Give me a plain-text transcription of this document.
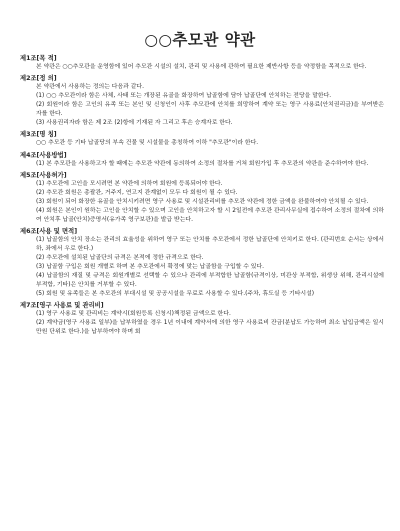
○○추모관 약관

제1조[목 적]

본 약관은 ○○추모관을 운영함에 있어 추모관 시설의 설치, 관리 및 사용에 관하여 필요한 제반사항 등을 약정함을 목적으로 한다.

제2조[정 의]

본 약관에서 사용하는 정의는 다음과 같다.

(1) ○○ 추모관이라 함은 사체, 사태 또는 개장된 유골을 화장하여 납골함에 담아 납골단에 안치하는 전당을 말한다.

(2) 회원이라 함은 고인의 유족 또는 본인 및 신청인이 사후 추모관에 안치를 희망하여 계약 또는 영구 사용료(안치권리금)을 부여받은 자를 한다.

(3) 사용권리자라 함은 제 2조 (2)항에 기재된 자 그리고 후손 승계자로 한다.

제3조[명 칭]

○○ 추모관 등 기타 납골당의 부속 건물 및 시설물을 총칭하여 이하 "추모관"이라 한다.

제4조[사용방법]

(1) 본 추모관을 사용하고자 할 때에는 추모관 약관에 동의하여 소정의 절차를 거쳐 회원가입 후 추모관의 약관을 준수하여야 한다.

제5조[사용허가]

(1) 추모관에 고인을 모시려면 본 약관에 의하여 회원에 등록되어야 한다.

(2) 추모관 회원은 총괄관, 거주지, 연고지 관계없이 모두 다 회원이 될 수 있다.

(3) 회원이 되어 화장한 유골을 안치시키려면 영구 사용료 및 시설관리비를 추모관 약관에 정한 금액을 완불하여야 안치될 수 있다.

(4) 회원은 본인이 원하는 고인을 안치할 수 있으며 고인을 안치하고자 할 시 2일전에 추모관 관리사무실에 접수하여 소정의 절차에 의하여 안치후 납골(안치)증명서(유가족 영구보관)을 발급 받는다.

제6조[사용 및 면적]

(1) 납골함의 안치 장소는 관리의 효율성을 위하여 영구 또는 안치를 추모관에서 정한 납골단에 안치키로 한다. (관리번호 순서는 상에서 하, 좌에서 우로 한다.)

(2) 추모관에 설치된 납골단의 규격은 본적에 정한 규격으로 한다.

(3) 납골함 구입은 회원 개별로 하며 본 추모관에서 확정에 맞는 납골함을 구입할 수 있다.

(4) 납골함의 재질 및 규격은 회원개별로 선택할 수 있으나 관리에 부적합한 납골함(규격이상, 미관상 부적합, 위생상 위해, 관리시설에 부적합, 기타)은 안치를 거부할 수 있다.

(5) 회원 및 유족들은 본 추모관의 부대시설 및 공공시설을 무료로 사용할 수 있다.(주차, 휴도실 등 기타시설)

제7조[영구 사용료 및 관리비]

(1) 영구 사용료 및 관리비는 계약시(회원등록 신청시)책정된 금액으로 한다.

(2) 계약금(영구 사용료 일부)을 납부하였을 경우 1년 이내에 계약서에 의한 영구 사용료비 잔금(분납도 가능하며 최소 납입금액은 일시만원 단위로 한다.)을 납부하여야 하며 회
